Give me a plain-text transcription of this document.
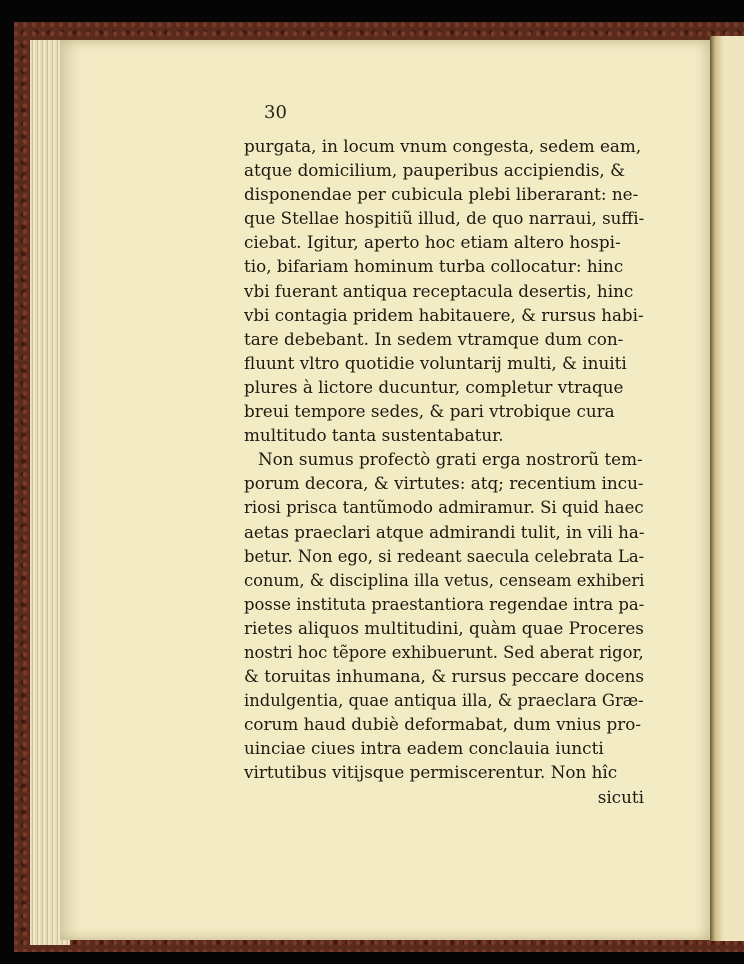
30
purgata, in locum vnum congesta, sedem eam,
atque domicilium, pauperibus accipiendis, &
disponendae per cubicula plebi liberarant: ne-
que Stellae hospitiũ illud, de quo narraui, suffi-
ciebat. Igitur, aperto hoc etiam altero hospi-
tio, bifariam hominum turba collocatur: hinc
vbi fuerant antiqua receptacula desertis, hinc
vbi contagia pridem habitauere, & rursus habi-
tare debebant. In sedem vtramque dum con-
fluunt vltro quotidie voluntarij multi, & inuiti
plures à lictore ducuntur, completur vtraque
breui tempore sedes, & pari vtrobique cura
multitudo tanta sustentabatur.
Non sumus profectò grati erga nostrorũ tem-
porum decora, & virtutes: atq; recentium incu-
riosi prisca tantũmodo admiramur. Si quid haec
aetas praeclari atque admirandi tulit, in vili ha-
betur. Non ego, si redeant saecula celebrata La-
conum, & disciplina illa vetus, censeam exhiberi
posse instituta praestantiora regendae intra pa-
rietes aliquos multitudini, quàm quae Proceres
nostri hoc tẽpore exhibuerunt. Sed aberat rigor,
& toruitas inhumana, & rursus peccare docens
indulgentia, quae antiqua illa, & praeclara Græ-
corum haud dubiè deformabat, dum vnius pro-
uinciae ciues intra eadem conclauia iuncti
virtutibus vitijsque permiscerentur. Non hîc
sicuti
